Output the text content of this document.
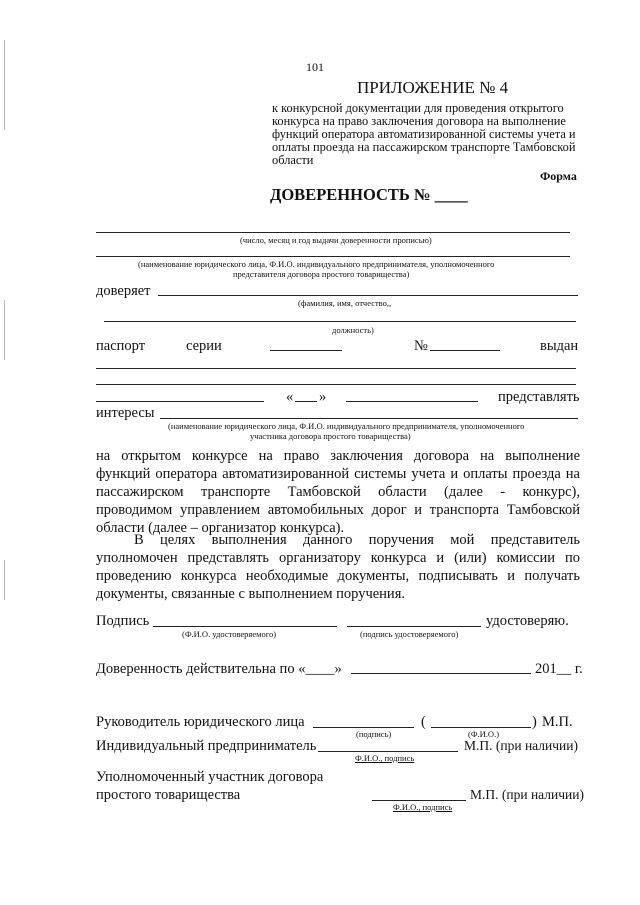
101
ПРИЛОЖЕНИЕ № 4
к конкурсной документации для проведения открытого
конкурса на право заключения договора на выполнение
функций оператора автоматизированной системы учета и
оплаты проезда на пассажирском транспорте Тамбовской
области
Форма
ДОВЕРЕННОСТЬ № ____
(число, месяц и год выдачи доверенности прописью)
(наименование юридического лица, Ф.И.О. индивидуального предпринимателя, уполномоченного
представителя договора простого товарищества)
доверяет
(фамилия, имя, отчество,,
должность)
паспорт	серии	№	выдан
« »	представлять
интересы
(наименование юридического лица, Ф.И.О. индивидуального предпринимателя, уполномоченного
участника договора простого товарищества)
на открытом конкурсе на право заключения договора на выполнение
функций оператора автоматизированной системы учета и оплаты проезда на
пассажирском транспорте Тамбовской области (далее - конкурс),
проводимом управлением автомобильных дорог и транспорта Тамбовской
области (далее – организатор конкурса).
В целях выполнения данного поручения мой представитель
уполномочен представлять организатору конкурса и (или) комиссии по
проведению конкурса необходимые документы, подписывать и получать
документы, связанные с выполнением поручения.
Подпись	удостоверяю.
(Ф.И.О. удостоверяемого)	(подпись удостоверяемого)
Доверенность действительна по «____»	201__ г.
Руководитель юридического лица	(	) М.П.
(подпись)	(Ф.И.О.)
Индивидуальный предприниматель	М.П. (при наличии)
Ф.И.О., подпись
Уполномоченный участник договора
простого товарищества	М.П. (при наличии)
Ф.И.О., подпись
